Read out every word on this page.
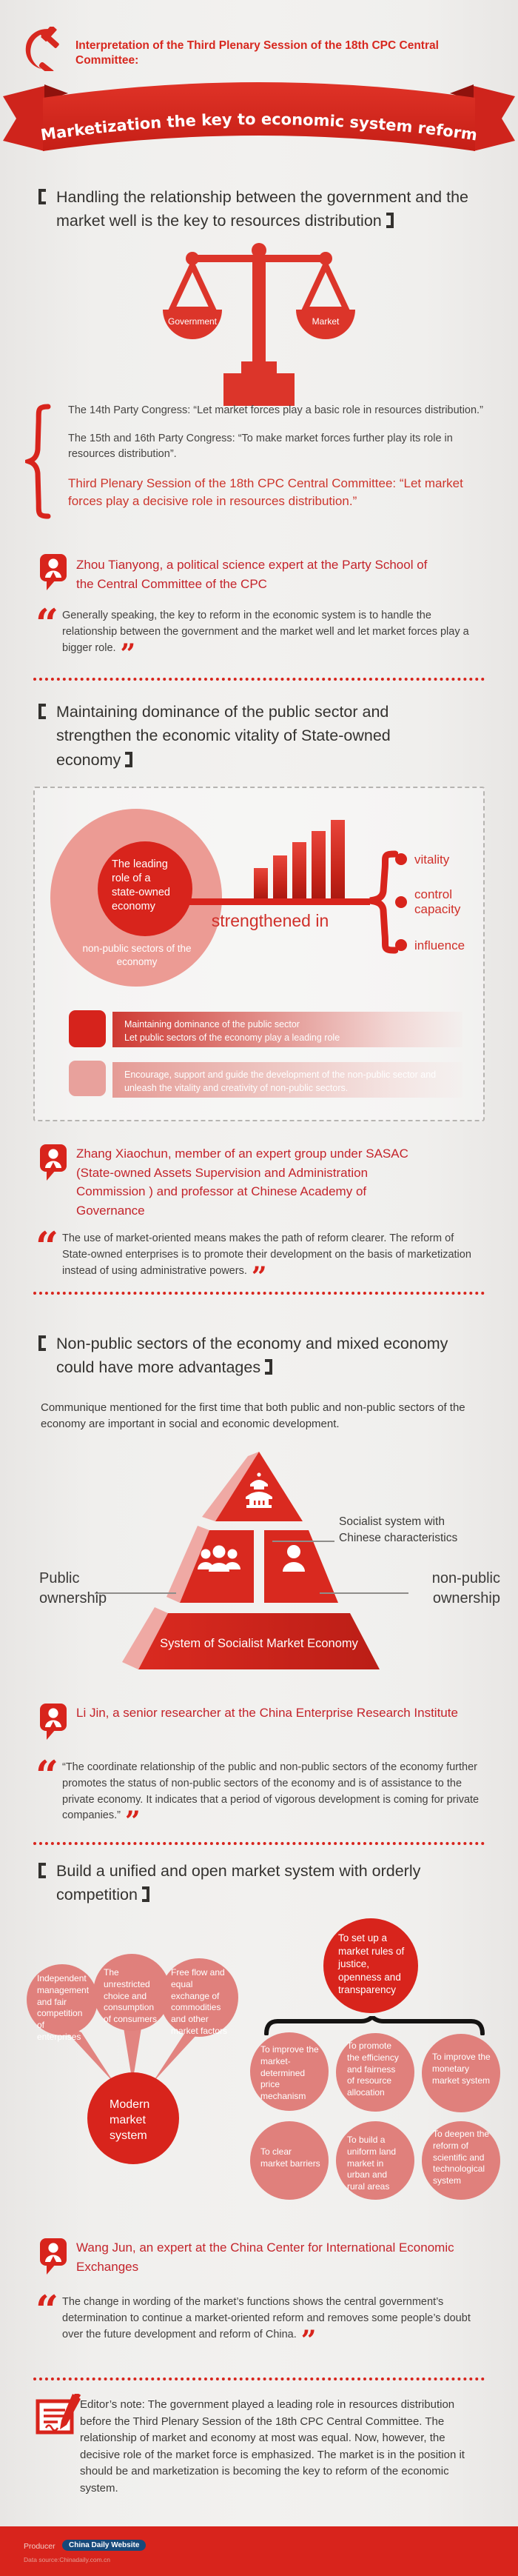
Interpretation of the Third Plenary Session of the 18th CPC Central Committee:
Marketization the key to economic system reform
Handling the relationship between the government and the market well is the key to resources distribution
Government	Market
The 14th Party Congress: “Let market forces play a basic role in resources distribution.”
The 15th and 16th Party Congress: “To make market forces further play its role in resources distribution”.
Third Plenary Session of the 18th CPC Central Committee: “Let market forces play a decisive role in resources distribution.”
Zhou Tianyong, a political science expert at the Party School of the Central Committee of the CPC
“ Generally speaking, the key to reform in the economic system is to handle the relationship between the government and the market well and let market forces play a bigger role. ”
Maintaining dominance of the public sector and strengthen the economic vitality of State-owned economy
The leading role of a state-owned economy
non-public sectors of the economy
strengthened in
vitality
control capacity
influence
Maintaining dominance of the public sector
Let public sectors of the economy play a leading role
Encourage, support and guide the development of the non-public sector and unleash the vitality and creativity of non-public sectors.
Zhang Xiaochun, member of an expert group under SASAC (State-owned Assets Supervision and Administration Commission ) and professor at Chinese Academy of Governance
“ The use of market-oriented means makes the path of reform clearer. The reform of State-owned enterprises is to promote their development on the basis of marketization instead of using administrative powers. ”
Non-public sectors of the economy and mixed economy could have more advantages
Communique mentioned for the first time that both public and non-public sectors of the economy are important in social and economic development.
System of Socialist Market Economy
Socialist system with Chinese characteristics
Public ownership
non-public ownership
Li Jin, a senior researcher at the China Enterprise Research Institute
“ “The coordinate relationship of the public and non-public sectors of the economy further promotes the status of non-public sectors of the economy and is of assistance to the private economy. It indicates that a period of vigorous development is coming for private companies.” ”
Build a unified and open market system with orderly competition
Independent management and fair competition of enterprises
The unrestricted choice and consumption of consumers
Free flow and equal exchange of commodities and other market factors
Modern market system
To set up a market rules of justice, openness and transparency
To improve the market-determined price mechanism
To promote the efficiency and fairness of resource allocation
To improve the monetary market system
To clear market barriers
To build a uniform land market in urban and rural areas
To deepen the reform of scientific and technological system
Wang Jun, an expert at the China Center for International Economic Exchanges
“ The change in wording of the market’s functions shows the central government’s determination to continue a market-oriented reform and removes some people’s doubt over the future development and reform of China. ”
Editor’s note: The government played a leading role in resources distribution before the Third Plenary Session of the 18th CPC Central Committee. The relationship of market and economy at most was equal. Now, however, the decisive role of the market force is emphasized. The market is in the position it should be and marketization is becoming the key to reform of the economic system.
Producer	China Daily Website
Data source:Chinadaily.com.cn
